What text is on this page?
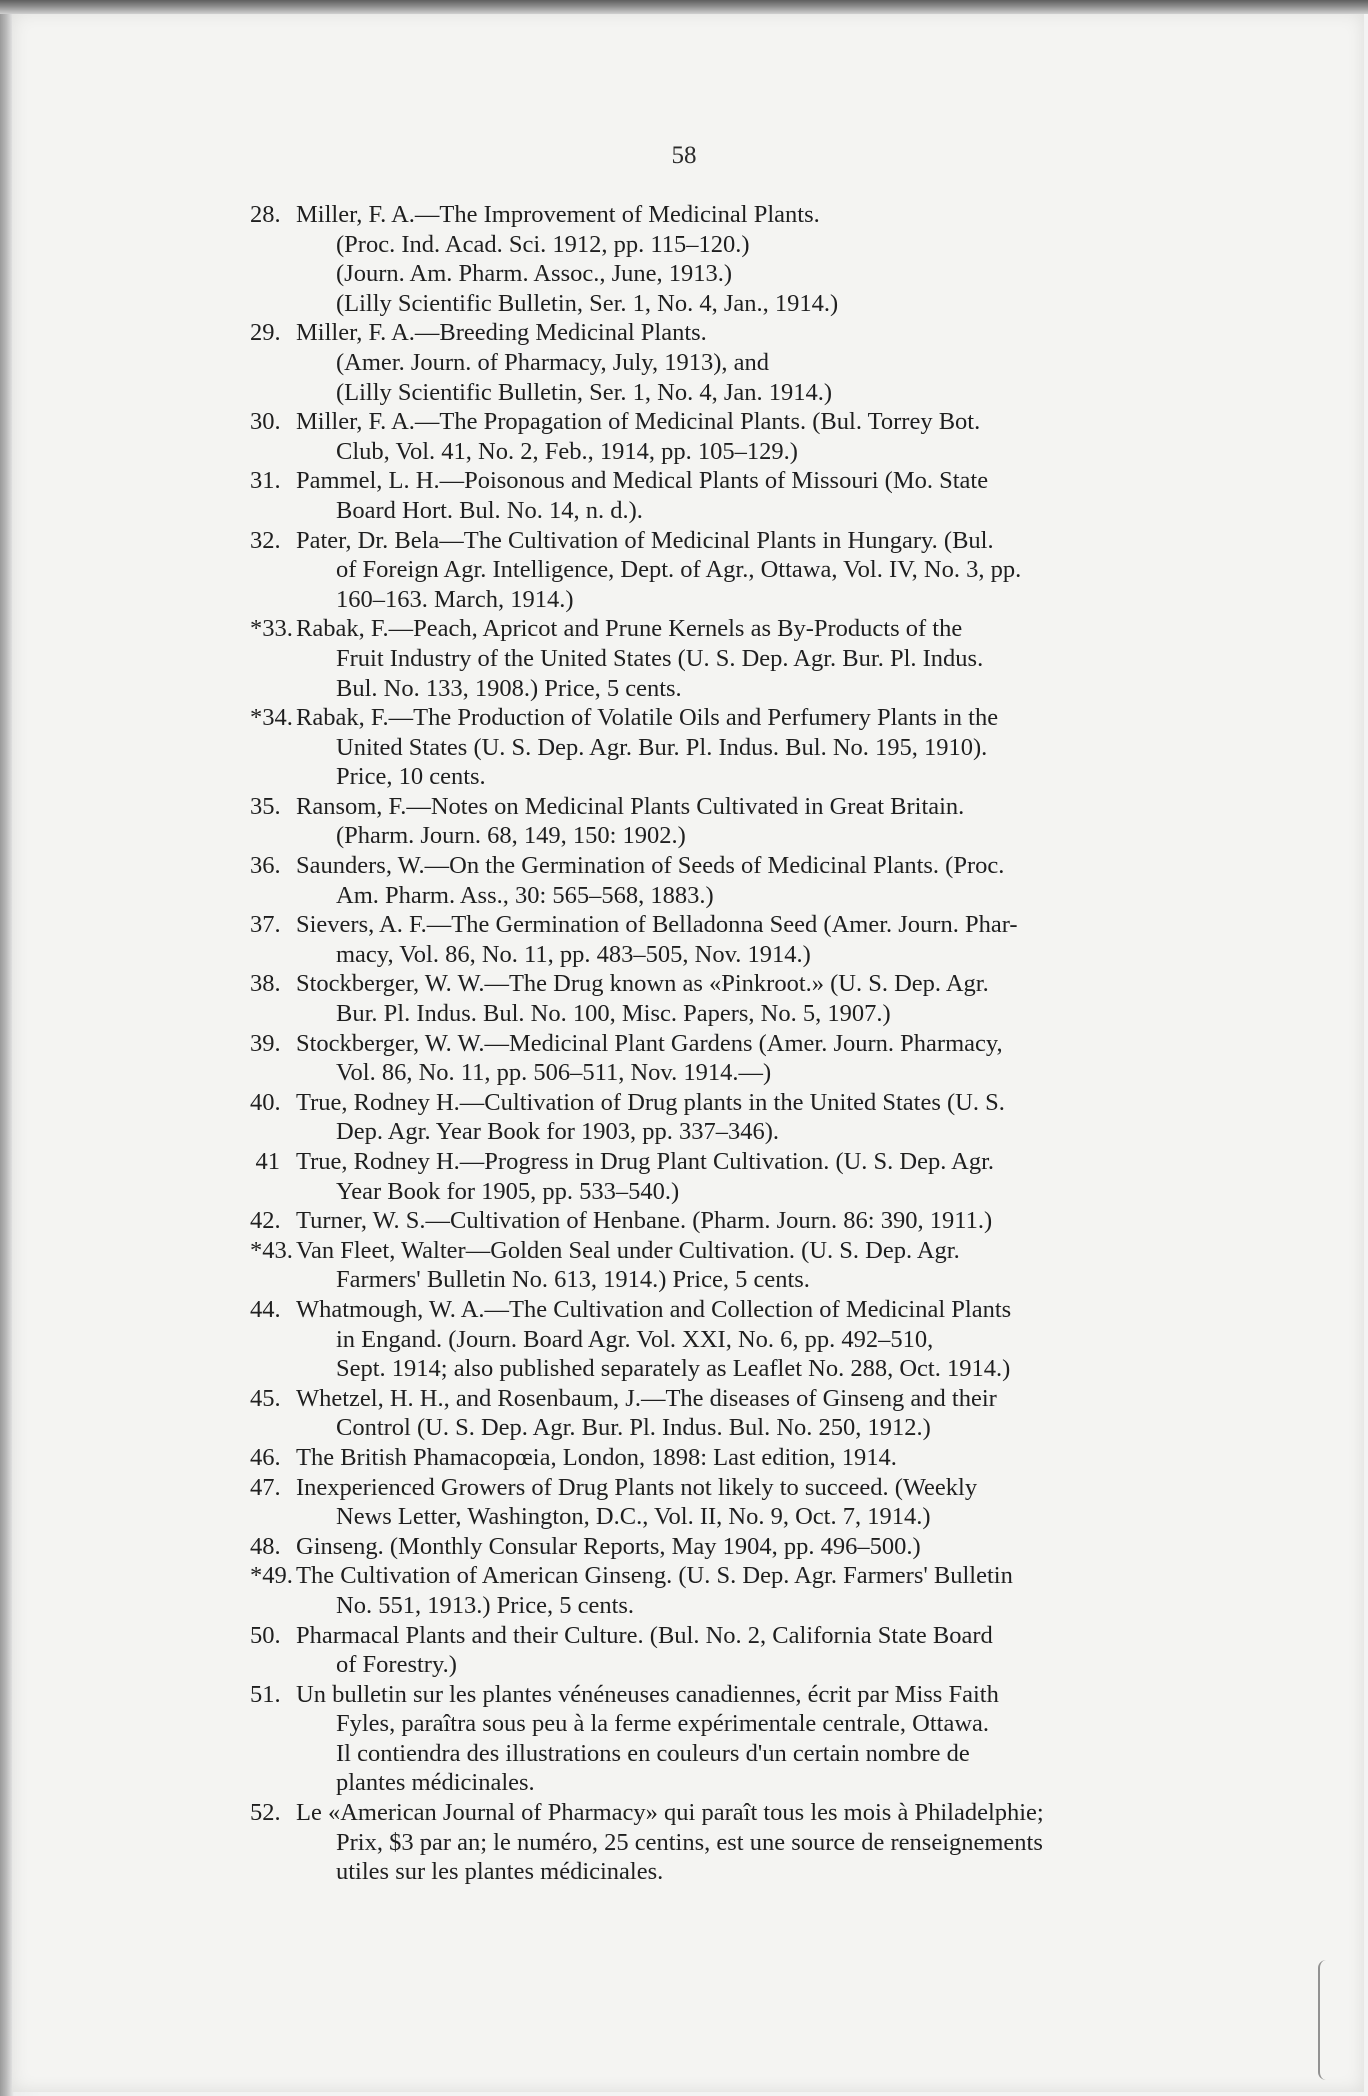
58
28. Miller, F. A.—The Improvement of Medicinal Plants.
(Proc. Ind. Acad. Sci. 1912, pp. 115–120.)
(Journ. Am. Pharm. Assoc., June, 1913.)
(Lilly Scientific Bulletin, Ser. 1, No. 4, Jan., 1914.)
29. Miller, F. A.—Breeding Medicinal Plants.
(Amer. Journ. of Pharmacy, July, 1913), and
(Lilly Scientific Bulletin, Ser. 1, No. 4, Jan. 1914.)
30. Miller, F. A.—The Propagation of Medicinal Plants. (Bul. Torrey Bot.
Club, Vol. 41, No. 2, Feb., 1914, pp. 105–129.)
31. Pammel, L. H.—Poisonous and Medical Plants of Missouri (Mo. State
Board Hort. Bul. No. 14, n. d.).
32. Pater, Dr. Bela—The Cultivation of Medicinal Plants in Hungary. (Bul.
of Foreign Agr. Intelligence, Dept. of Agr., Ottawa, Vol. IV, No. 3, pp.
160–163. March, 1914.)
*33. Rabak, F.—Peach, Apricot and Prune Kernels as By-Products of the
Fruit Industry of the United States (U. S. Dep. Agr. Bur. Pl. Indus.
Bul. No. 133, 1908.) Price, 5 cents.
*34. Rabak, F.—The Production of Volatile Oils and Perfumery Plants in the
United States (U. S. Dep. Agr. Bur. Pl. Indus. Bul. No. 195, 1910).
Price, 10 cents.
35. Ransom, F.—Notes on Medicinal Plants Cultivated in Great Britain.
(Pharm. Journ. 68, 149, 150: 1902.)
36. Saunders, W.—On the Germination of Seeds of Medicinal Plants. (Proc.
Am. Pharm. Ass., 30: 565–568, 1883.)
37. Sievers, A. F.—The Germination of Belladonna Seed (Amer. Journ. Phar-
macy, Vol. 86, No. 11, pp. 483–505, Nov. 1914.)
38. Stockberger, W. W.—The Drug known as «Pinkroot.» (U. S. Dep. Agr.
Bur. Pl. Indus. Bul. No. 100, Misc. Papers, No. 5, 1907.)
39. Stockberger, W. W.—Medicinal Plant Gardens (Amer. Journ. Pharmacy,
Vol. 86, No. 11, pp. 506–511, Nov. 1914.—)
40. True, Rodney H.—Cultivation of Drug plants in the United States (U. S.
Dep. Agr. Year Book for 1903, pp. 337–346).
41 True, Rodney H.—Progress in Drug Plant Cultivation. (U. S. Dep. Agr.
Year Book for 1905, pp. 533–540.)
42. Turner, W. S.—Cultivation of Henbane. (Pharm. Journ. 86: 390, 1911.)
*43. Van Fleet, Walter—Golden Seal under Cultivation. (U. S. Dep. Agr.
Farmers' Bulletin No. 613, 1914.) Price, 5 cents.
44. Whatmough, W. A.—The Cultivation and Collection of Medicinal Plants
in Engand. (Journ. Board Agr. Vol. XXI, No. 6, pp. 492–510,
Sept. 1914; also published separately as Leaflet No. 288, Oct. 1914.)
45. Whetzel, H. H., and Rosenbaum, J.—The diseases of Ginseng and their
Control (U. S. Dep. Agr. Bur. Pl. Indus. Bul. No. 250, 1912.)
46. The British Phamacopœia, London, 1898: Last edition, 1914.
47. Inexperienced Growers of Drug Plants not likely to succeed. (Weekly
News Letter, Washington, D.C., Vol. II, No. 9, Oct. 7, 1914.)
48. Ginseng. (Monthly Consular Reports, May 1904, pp. 496–500.)
*49. The Cultivation of American Ginseng. (U. S. Dep. Agr. Farmers' Bulletin
No. 551, 1913.) Price, 5 cents.
50. Pharmacal Plants and their Culture. (Bul. No. 2, California State Board
of Forestry.)
51. Un bulletin sur les plantes vénéneuses canadiennes, écrit par Miss Faith
Fyles, paraîtra sous peu à la ferme expérimentale centrale, Ottawa.
Il contiendra des illustrations en couleurs d'un certain nombre de
plantes médicinales.
52. Le «American Journal of Pharmacy» qui paraît tous les mois à Philadelphie;
Prix, $3 par an; le numéro, 25 centins, est une source de renseignements
utiles sur les plantes médicinales.
